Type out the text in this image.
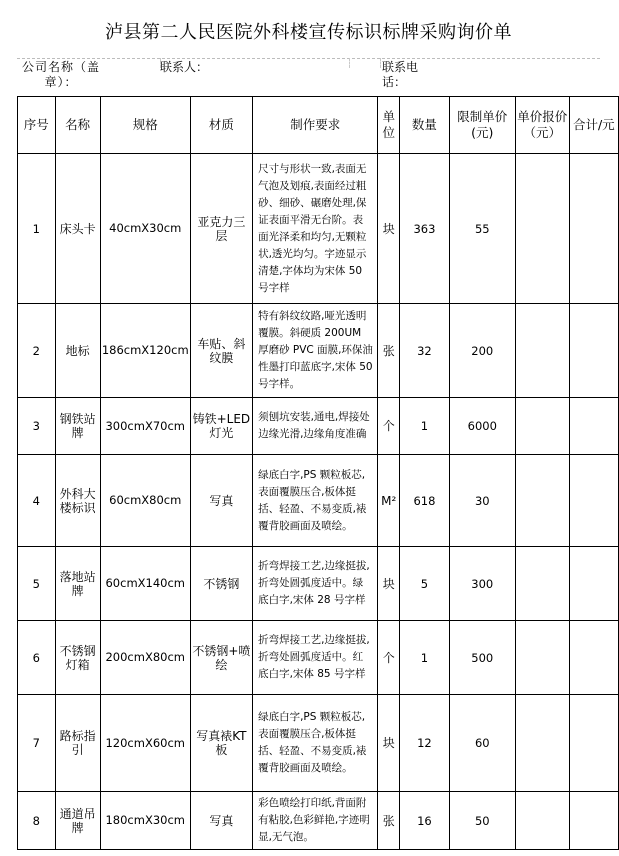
泸县第二人民医院外科楼宣传标识标牌采购询价单
公司名称（盖章）：
联系人：	联系电话：
序号	名称	规格	材质	制作要求	单位	数量	限制单价(元)	单价报价（元）	合计/元
1	床头卡	40cmX30cm	亚克力三层	尺寸与形状一致,表面无气泡及划痕,表面经过粗砂、细砂、碾磨处理,保证表面平滑无台阶。表面光泽柔和均匀,无颗粒状,透光均匀。字迹显示清楚,字体均为宋体 50 号字样	块	363	55		
2	地标	186cmX120cm	车贴、斜纹膜	特有斜纹纹路,哑光透明覆膜。斜硬质 200UM 厚磨砂 PVC 面膜,环保油性墨打印蓝底字,宋体 50 号字样。	张	32	200		
3	钢铁站牌	300cmX70cm	铸铁+LED 灯光	须刨坑安装,通电,焊接处边缘光滑,边缘角度准确	个	1	6000		
4	外科大楼标识	60cmX80cm	写真	绿底白字,PS 颗粒板芯,表面覆膜压合,板体挺括、轻盈、不易变质,裱覆背胶画面及喷绘。	M²	618	30		
5	落地站牌	60cmX140cm	不锈钢	折弯焊接工艺,边缘挺拔,折弯处圆弧度适中。绿底白字,宋体 28 号字样	块	5	300		
6	不锈钢灯箱	200cmX80cm	不锈钢+喷绘	折弯焊接工艺,边缘挺拔,折弯处圆弧度适中。红底白字,宋体 85 号字样	个	1	500		
7	路标指引	120cmX60cm	写真裱KT 板	绿底白字,PS 颗粒板芯,表面覆膜压合,板体挺括、轻盈、不易变质,裱覆背胶画面及喷绘。	块	12	60		
8	通道吊牌	180cmX30cm	写真	彩色喷绘打印纸,背面附有粘胶,色彩鲜艳,字迹明显,无气泡。	张	16	50		
